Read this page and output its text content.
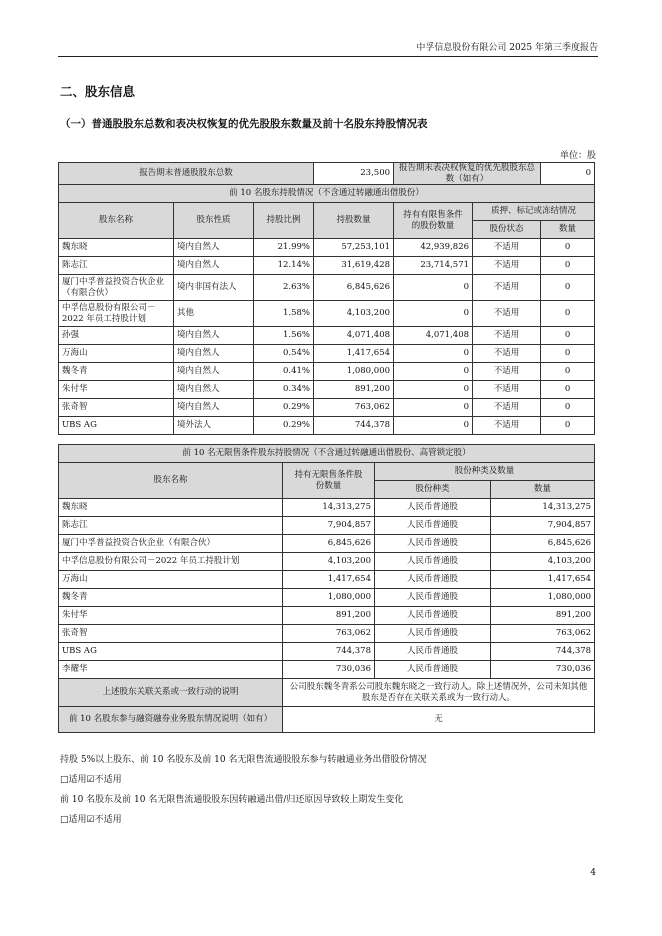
中孚信息股份有限公司 2025 年第三季度报告
二、股东信息
（一）普通股股东总数和表决权恢复的优先股股东数量及前十名股东持股情况表
单位：股
报告期末普通股股东总数			23,500	报告期末表决权恢复的优先股股东总数（如有）		0
前 10 名股东持股情况（不含通过转融通出借股份）						
股东名称	股东性质	持股比例	持股数量	持有有限售条件的股份数量	质押、标记或冻结情况	
					股份状态	数量
魏东晓	境内自然人	21.99%	57,253,101	42,939,826	不适用	0
陈志江	境内自然人	12.14%	31,619,428	23,714,571	不适用	0
厦门中孚普益投资合伙企业（有限合伙）	境内非国有法人	2.63%	6,845,626	0	不适用	0
中孚信息股份有限公司－2022 年员工持股计划	其他	1.58%	4,103,200	0	不适用	0
孙强	境内自然人	1.56%	4,071,408	4,071,408	不适用	0
万海山	境内自然人	0.54%	1,417,654	0	不适用	0
魏冬青	境内自然人	0.41%	1,080,000	0	不适用	0
朱付华	境内自然人	0.34%	891,200	0	不适用	0
张奇智	境内自然人	0.29%	763,062	0	不适用	0
UBS AG	境外法人	0.29%	744,378	0	不适用	0
前 10 名无限售条件股东持股情况（不含通过转融通出借股份、高管锁定股）			
股东名称	持有无限售条件股份数量	股份种类及数量	
		股份种类	数量
魏东晓	14,313,275	人民币普通股	14,313,275
陈志江	7,904,857	人民币普通股	7,904,857
厦门中孚普益投资合伙企业（有限合伙）	6,845,626	人民币普通股	6,845,626
中孚信息股份有限公司－2022 年员工持股计划	4,103,200	人民币普通股	4,103,200
万海山	1,417,654	人民币普通股	1,417,654
魏冬青	1,080,000	人民币普通股	1,080,000
朱付华	891,200	人民币普通股	891,200
张奇智	763,062	人民币普通股	763,062
UBS AG	744,378	人民币普通股	744,378
李耀华	730,036	人民币普通股	730,036
上述股东关联关系或一致行动的说明	公司股东魏冬青系公司股东魏东晓之一致行动人。除上述情况外，公司未知其他股东是否存在关联关系或为一致行动人。		
前 10 名股东参与融资融券业务股东情况说明（如有）	无		
持股 5%以上股东、前 10 名股东及前 10 名无限售流通股股东参与转融通业务出借股份情况
□适用☑不适用
前 10 名股东及前 10 名无限售流通股股东因转融通出借/归还原因导致较上期发生变化
□适用☑不适用
4
